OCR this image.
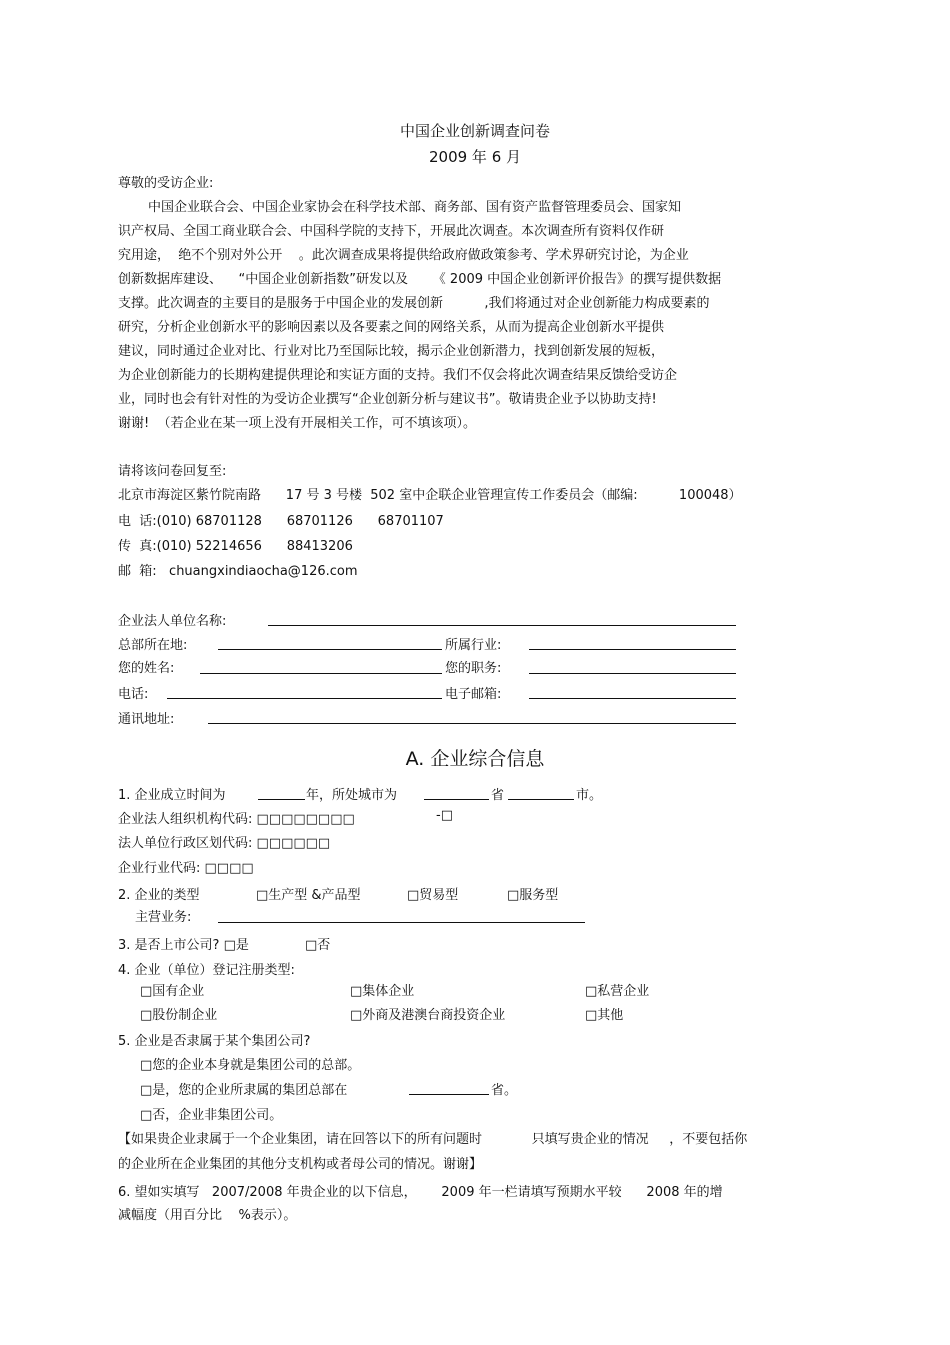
中国企业创新调查问卷
2009 年 6 月
尊敬的受访企业:
中国企业联合会、中国企业家协会在科学技术部、商务部、国有资产监督管理委员会、国家知
识产权局、全国工商业联合会、中国科学院的支持下，开展此次调查。本次调查所有资料仅作研
究用途，  绝不个别对外公开    。此次调查成果将提供给政府做政策参考、学术界研究讨论，为企业
创新数据库建设、    “中国企业创新指数”研发以及      《 2009 中国企业创新评价报告》的撰写提供数据
支撑。此次调查的主要目的是服务于中国企业的发展创新          ,我们将通过对企业创新能力构成要素的
研究，分析企业创新水平的影响因素以及各要素之间的网络关系，从而为提高企业创新水平提供
建议，同时通过企业对比、行业对比乃至国际比较，揭示企业创新潜力，找到创新发展的短板，
为企业创新能力的长期构建提供理论和实证方面的支持。我们不仅会将此次调查结果反馈给受访企
业，同时也会有针对性的为受访企业撰写“企业创新分析与建议书”。敬请贵企业予以协助支持!
谢谢!  （若企业在某一项上没有开展相关工作，可不填该项）。
请将该问卷回复至:
北京市海淀区紫竹院南路      17 号 3 号楼  502 室中企联企业管理宣传工作委员会（邮编:          100048）
电  话:(010) 68701128      68701126      68701107
传  真:(010) 52214656      88413206
邮  箱:   chuangxindiaocha@126.com
企业法人单位名称:
总部所在地:	所属行业:
您的姓名:	您的职务:
电话:	电子邮箱:
通讯地址:
A. 企业综合信息
1. 企业成立时间为	年，所处城市为	省	市。
企业法人组织机构代码: □□□□□□□□	-□
法人单位行政区划代码: □□□□□□
企业行业代码: □□□□
2. 企业的类型	□生产型 &产品型	□贸易型	□服务型
主营业务:
3. 是否上市公司? □是	□否
4. 企业（单位）登记注册类型:
□国有企业	□集体企业	□私营企业
□股份制企业	□外商及港澳台商投资企业	□其他
5. 企业是否隶属于某个集团公司?
□您的企业本身就是集团公司的总部。
□是，您的企业所隶属的集团总部在	省。
□否，企业非集团公司。
【如果贵企业隶属于一个企业集团，请在回答以下的所有问题时            只填写贵企业的情况     ，不要包括你
的企业所在企业集团的其他分支机构或者母公司的情况。谢谢】
6. 望如实填写   2007/2008 年贵企业的以下信息，      2009 年一栏请填写预期水平较      2008 年的增
减幅度（用百分比    %表示）。
